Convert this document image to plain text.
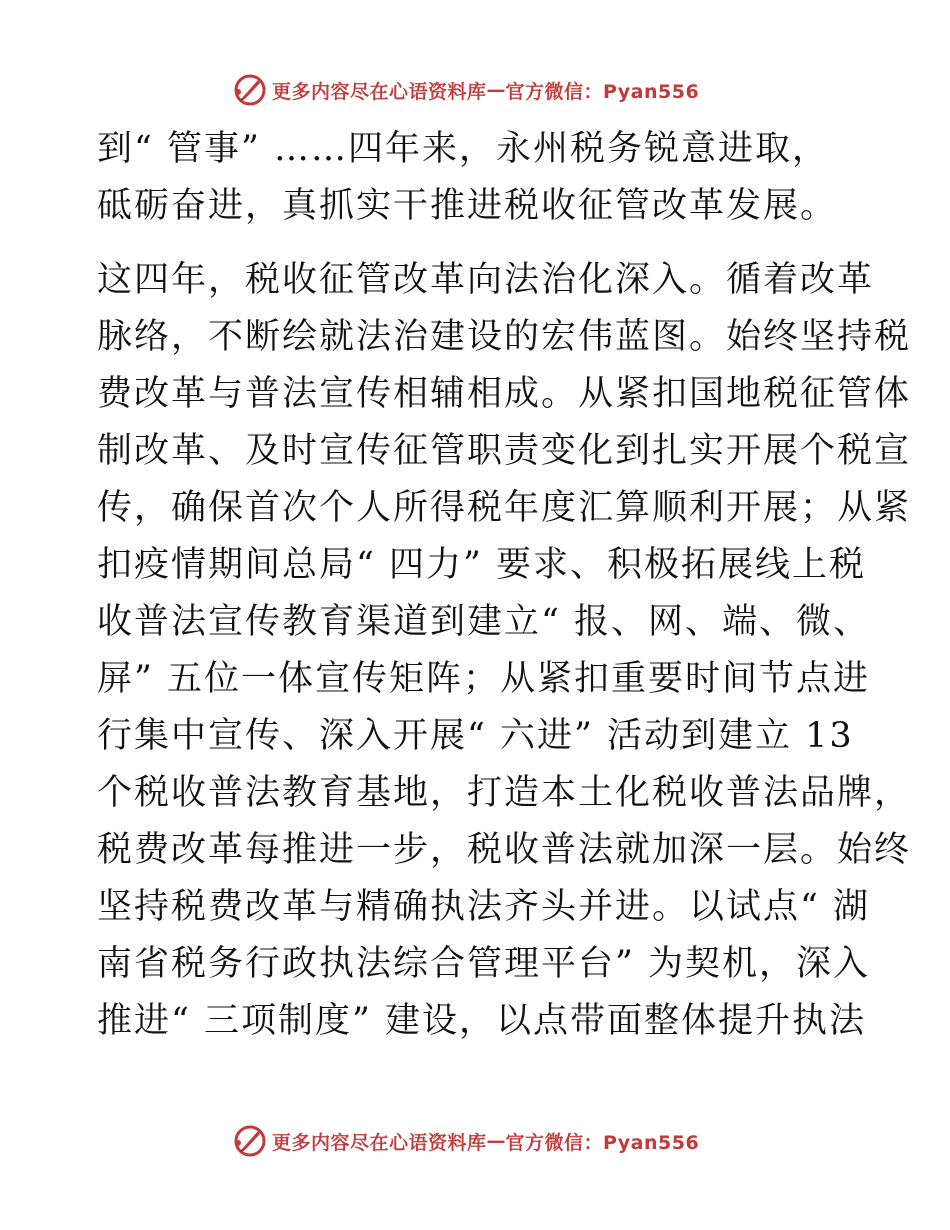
更多内容尽在心语资料库 — 官方微信：Pyan556
到“ 管事” ……四年来，永州税务锐意进取，
砥砺奋进，真抓实干推进税收征管改革发展。
这四年，税收征管改革向法治化深入。循着改革
脉络，不断绘就法治建设的宏伟蓝图。始终坚持税
费改革与普法宣传相辅相成。从紧扣国地税征管体
制改革、及时宣传征管职责变化到扎实开展个税宣
传，确保首次个人所得税年度汇算顺利开展；从紧
扣疫情期间总局“ 四力” 要求、积极拓展线上税
收普法宣传教育渠道到建立“ 报、网、端、微、
屏” 五位一体宣传矩阵；从紧扣重要时间节点进
行集中宣传、深入开展“ 六进” 活动到建立 13
个税收普法教育基地，打造本土化税收普法品牌，
税费改革每推进一步，税收普法就加深一层。始终
坚持税费改革与精确执法齐头并进。以试点“ 湖
南省税务行政执法综合管理平台” 为契机，深入
推进“ 三项制度” 建设，以点带面整体提升执法
更多内容尽在心语资料库 — 官方微信：Pyan556
